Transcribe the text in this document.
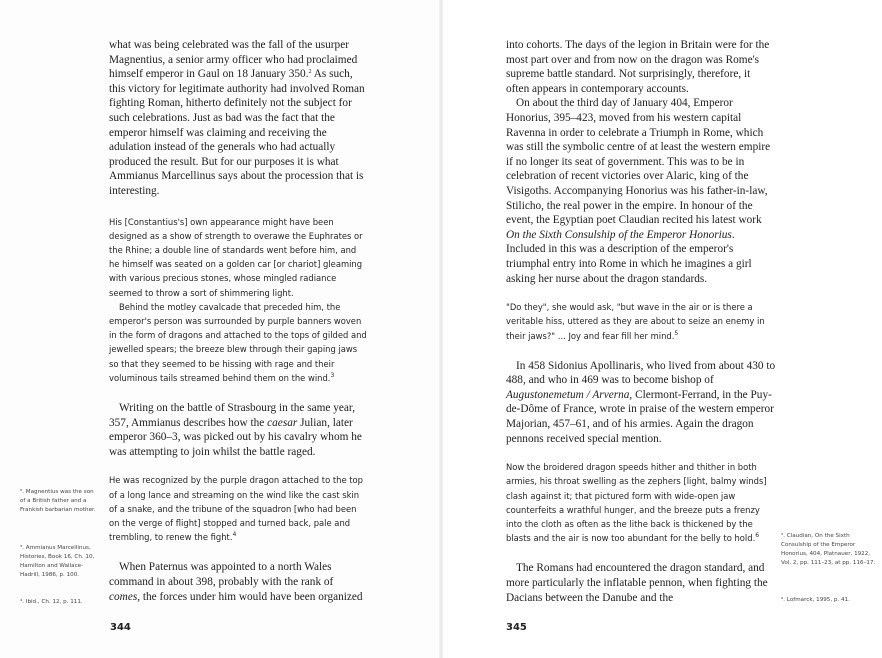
what was being celebrated was the fall of the usurper Magnentius, a senior army officer who had proclaimed himself emperor in Gaul on 18 January 350.$^2$ As such, this victory for legitimate authority had involved Roman fighting Roman, hitherto definitely not the subject for such celebrations. Just as bad was the fact that the emperor himself was claiming and receiving the adulation instead of the generals who had actually produced the result. But for our purposes it is what Ammianus Marcellinus says about the procession that is interesting.

His [Constantius's] own appearance might have been designed as a show of strength to overawe the Euphrates or the Rhine; a double line of standards went before him, and he himself was seated on a golden car [or chariot] gleaming with various precious stones, whose mingled radiance seemed to throw a sort of shimmering light.

Behind the motley cavalcade that preceded him, the emperor's person was surrounded by purple banners woven in the form of dragons and attached to the tops of gilded and jewelled spears; the breeze blew through their gaping jaws so that they seemed to be hissing with rage and their voluminous tails streamed behind them on the wind.$^3$

Writing on the battle of Strasbourg in the same year, 357, Ammianus describes how the caesar Julian, later emperor 360–3, was picked out by his cavalry whom he was attempting to join whilst the battle raged.

He was recognized by the purple dragon attached to the top of a long lance and streaming on the wind like the cast skin of a snake, and the tribune of the squadron [who had been on the verge of flight] stopped and turned back, pale and trembling, to renew the fight.$^4$

When Paternus was appointed to a north Wales command in about 398, probably with the rank of comes, the forces under him would have been organized

². Magnentius was the son of a British father and a Frankish barbarian mother.

³. Ammianus Marcellinus, Histories, Book 16, Ch. 10, Hamilton and Wallace-Hadrill, 1986, p. 100.

⁴. Ibid., Ch. 12, p. 111.

344

into cohorts. The days of the legion in Britain were for the most part over and from now on the dragon was Rome's supreme battle standard. Not surprisingly, therefore, it often appears in contemporary accounts.

On about the third day of January 404, Emperor Honorius, 395–423, moved from his western capital Ravenna in order to celebrate a Triumph in Rome, which was still the symbolic centre of at least the western empire if no longer its seat of government. This was to be in celebration of recent victories over Alaric, king of the Visigoths. Accompanying Honorius was his father-in-law, Stilicho, the real power in the empire. In honour of the event, the Egyptian poet Claudian recited his latest work On the Sixth Consulship of the Emperor Honorius. Included in this was a description of the emperor's triumphal entry into Rome in which he imagines a girl asking her nurse about the dragon standards.

"Do they", she would ask, "but wave in the air or is there a veritable hiss, uttered as they are about to seize an enemy in their jaws?" ... Joy and fear fill her mind.$^5$

In 458 Sidonius Apollinaris, who lived from about 430 to 488, and who in 469 was to become bishop of Augustonemetum / Arverna, Clermont-Ferrand, in the Puy-de-Dôme of France, wrote in praise of the western emperor Majorian, 457–61, and of his armies. Again the dragon pennons received special mention.

Now the broidered dragon speeds hither and thither in both armies, his throat swelling as the zephers [light, balmy winds] clash against it; that pictured form with wide-open jaw counterfeits a wrathful hunger, and the breeze puts a frenzy into the cloth as often as the lithe back is thickened by the blasts and the air is now too abundant for the belly to hold.$^6$

The Romans had encountered the dragon standard, and more particularly the inflatable pennon, when fighting the Dacians between the Danube and the

⁵. Claudian, On the Sixth Consulship of the Emperor Honorius, 404, Platnauer, 1922, Vol. 2, pp. 111–23, at pp. 116–17.

⁶. Lofmarck, 1995, p. 41.

345
